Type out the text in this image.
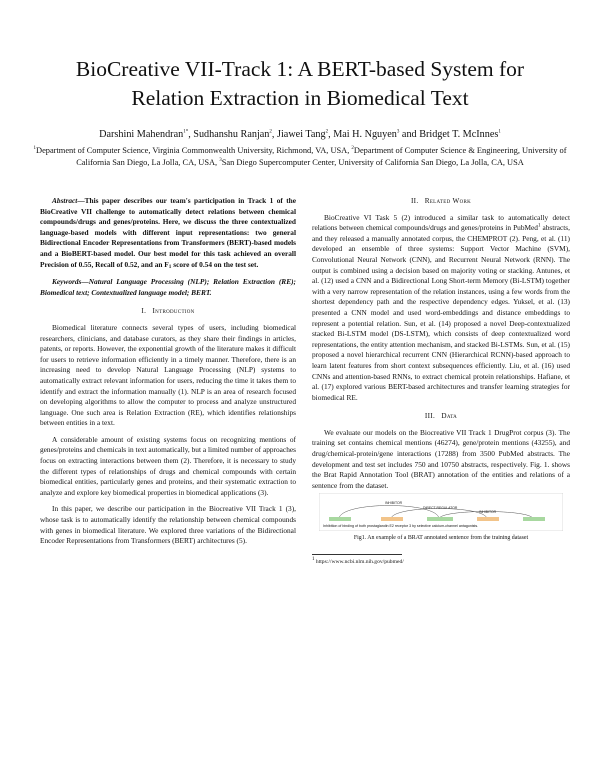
BioCreative VII-Track 1: A BERT-based System for
Relation Extraction in Biomedical Text
Darshini Mahendran$^{1*}$, Sudhanshu Ranjan$^2$, Jiawei Tang$^2$, Mai H. Nguyen$^3$ and Bridget T. McInnes$^1$
$^1$Department of Computer Science, Virginia Commonwealth University, Richmond, VA, USA, $^2$Department of Computer Science & Engineering, University of California San Diego, La Jolla, CA, USA, $^3$San Diego Supercomputer Center, University of California San Diego, La Jolla, CA, USA

Abstract—This paper describes our team's participation in Track 1 of the BioCreative VII challenge to automatically detect relations between chemical compounds/drugs and genes/proteins. Here, we discuss the three contextualized language-based models with different input representations: two general Bidirectional Encoder Representations from Transformers (BERT)-based models and a BioBERT-based model. Our best model for this task achieved an overall Precision of 0.55, Recall of 0.52, and an $F_1$ score of 0.54 on the test set.

Keywords—Natural Language Processing (NLP); Relation Extraction (RE); Biomedical text; Contextualized language model; BERT.

I. Introduction

Biomedical literature connects several types of users, including biomedical researchers, clinicians, and database curators, as they share their findings in articles, patents, or reports. However, the exponential growth of the literature makes it difficult for users to retrieve information efficiently in a timely manner. Therefore, there is an increasing need to develop Natural Language Processing (NLP) systems to automatically extract relevant information for users, reducing the time it takes them to identify and extract the information manually (1). NLP is an area of research focused on developing algorithms to allow the computer to process and analyze unstructured language. One such area is Relation Extraction (RE), which identifies relationships between entities in a text.

A considerable amount of existing systems focus on recognizing mentions of genes/proteins and chemicals in text automatically, but a limited number of approaches focus on extracting interactions between them (2). Therefore, it is necessary to study the different types of relationships of drugs and chemical compounds with certain biomedical entities, particularly genes and proteins, and their systematic extraction to analyze and explore key biomedical properties in biomedical applications (3).

In this paper, we describe our participation in the Biocreative VII Track 1 (3), whose task is to automatically identify the relationship between chemical compounds with genes in biomedical literature. We explored three variations of the Bidirectional Encoder Representations from Transformers (BERT) architectures (5).

II. Related Work

BioCreative VI Task 5 (2) introduced a similar task to automatically detect relations between chemical compounds/drugs and genes/proteins in PubMed$^1$ abstracts, and they released a manually annotated corpus, the CHEMPROT (2). Peng, et al. (11) developed an ensemble of three systems: Support Vector Machine (SVM), Convolutional Neural Network (CNN), and Recurrent Neural Network (RNN). The output is combined using a decision based on majority voting or stacking. Antunes, et al. (12) used a CNN and a Bidirectional Long Short-term Memory (Bi-LSTM) together with a very narrow representation of the relation instances, using a few words from the shortest dependency path and the respective dependency edges. Yuksel, et al. (13) presented a CNN model and used word-embeddings and distance embeddings to represent a potential relation. Sun, et al. (14) proposed a novel Deep-contextualized stacked Bi-LSTM model (DS-LSTM), which consists of deep contextualized word representations, the entity attention mechanism, and stacked Bi-LSTMs. Sun, et al. (15) proposed a novel hierarchical recurrent CNN (Hierarchical RCNN)-based approach to learn latent features from short context subsequences efficiently. Liu, et al. (16) used CNNs and attention-based RNNs, to extract chemical protein relationships. Hafiane, et al. (17) explored various BERT-based architectures and transfer learning strategies for biomedical RE.

III. Data

We evaluate our models on the Biocreative VII Track 1 DrugProt corpus (3). The training set contains chemical mentions (46274), gene/protein mentions (43255), and drug/chemical-protein/gene interactions (17288) from 3500 PubMed abstracts. The development and test set includes 750 and 10750 abstracts, respectively. Fig. 1. shows the Brat Rapid Annotation Tool (BRAT) annotation of the entities and relations of a sentence from the dataset.

INHIBITOR
DIRECT-REGULATOR
INHIBITOR
Inhibition of binding of both prostaglandin E2 receptor 3 by selective calcium-channel antagonists.
Fig1. An example of a BRAT annotated sentence from the training dataset
$^1$ https://www.ncbi.nlm.nih.gov/pubmed/
